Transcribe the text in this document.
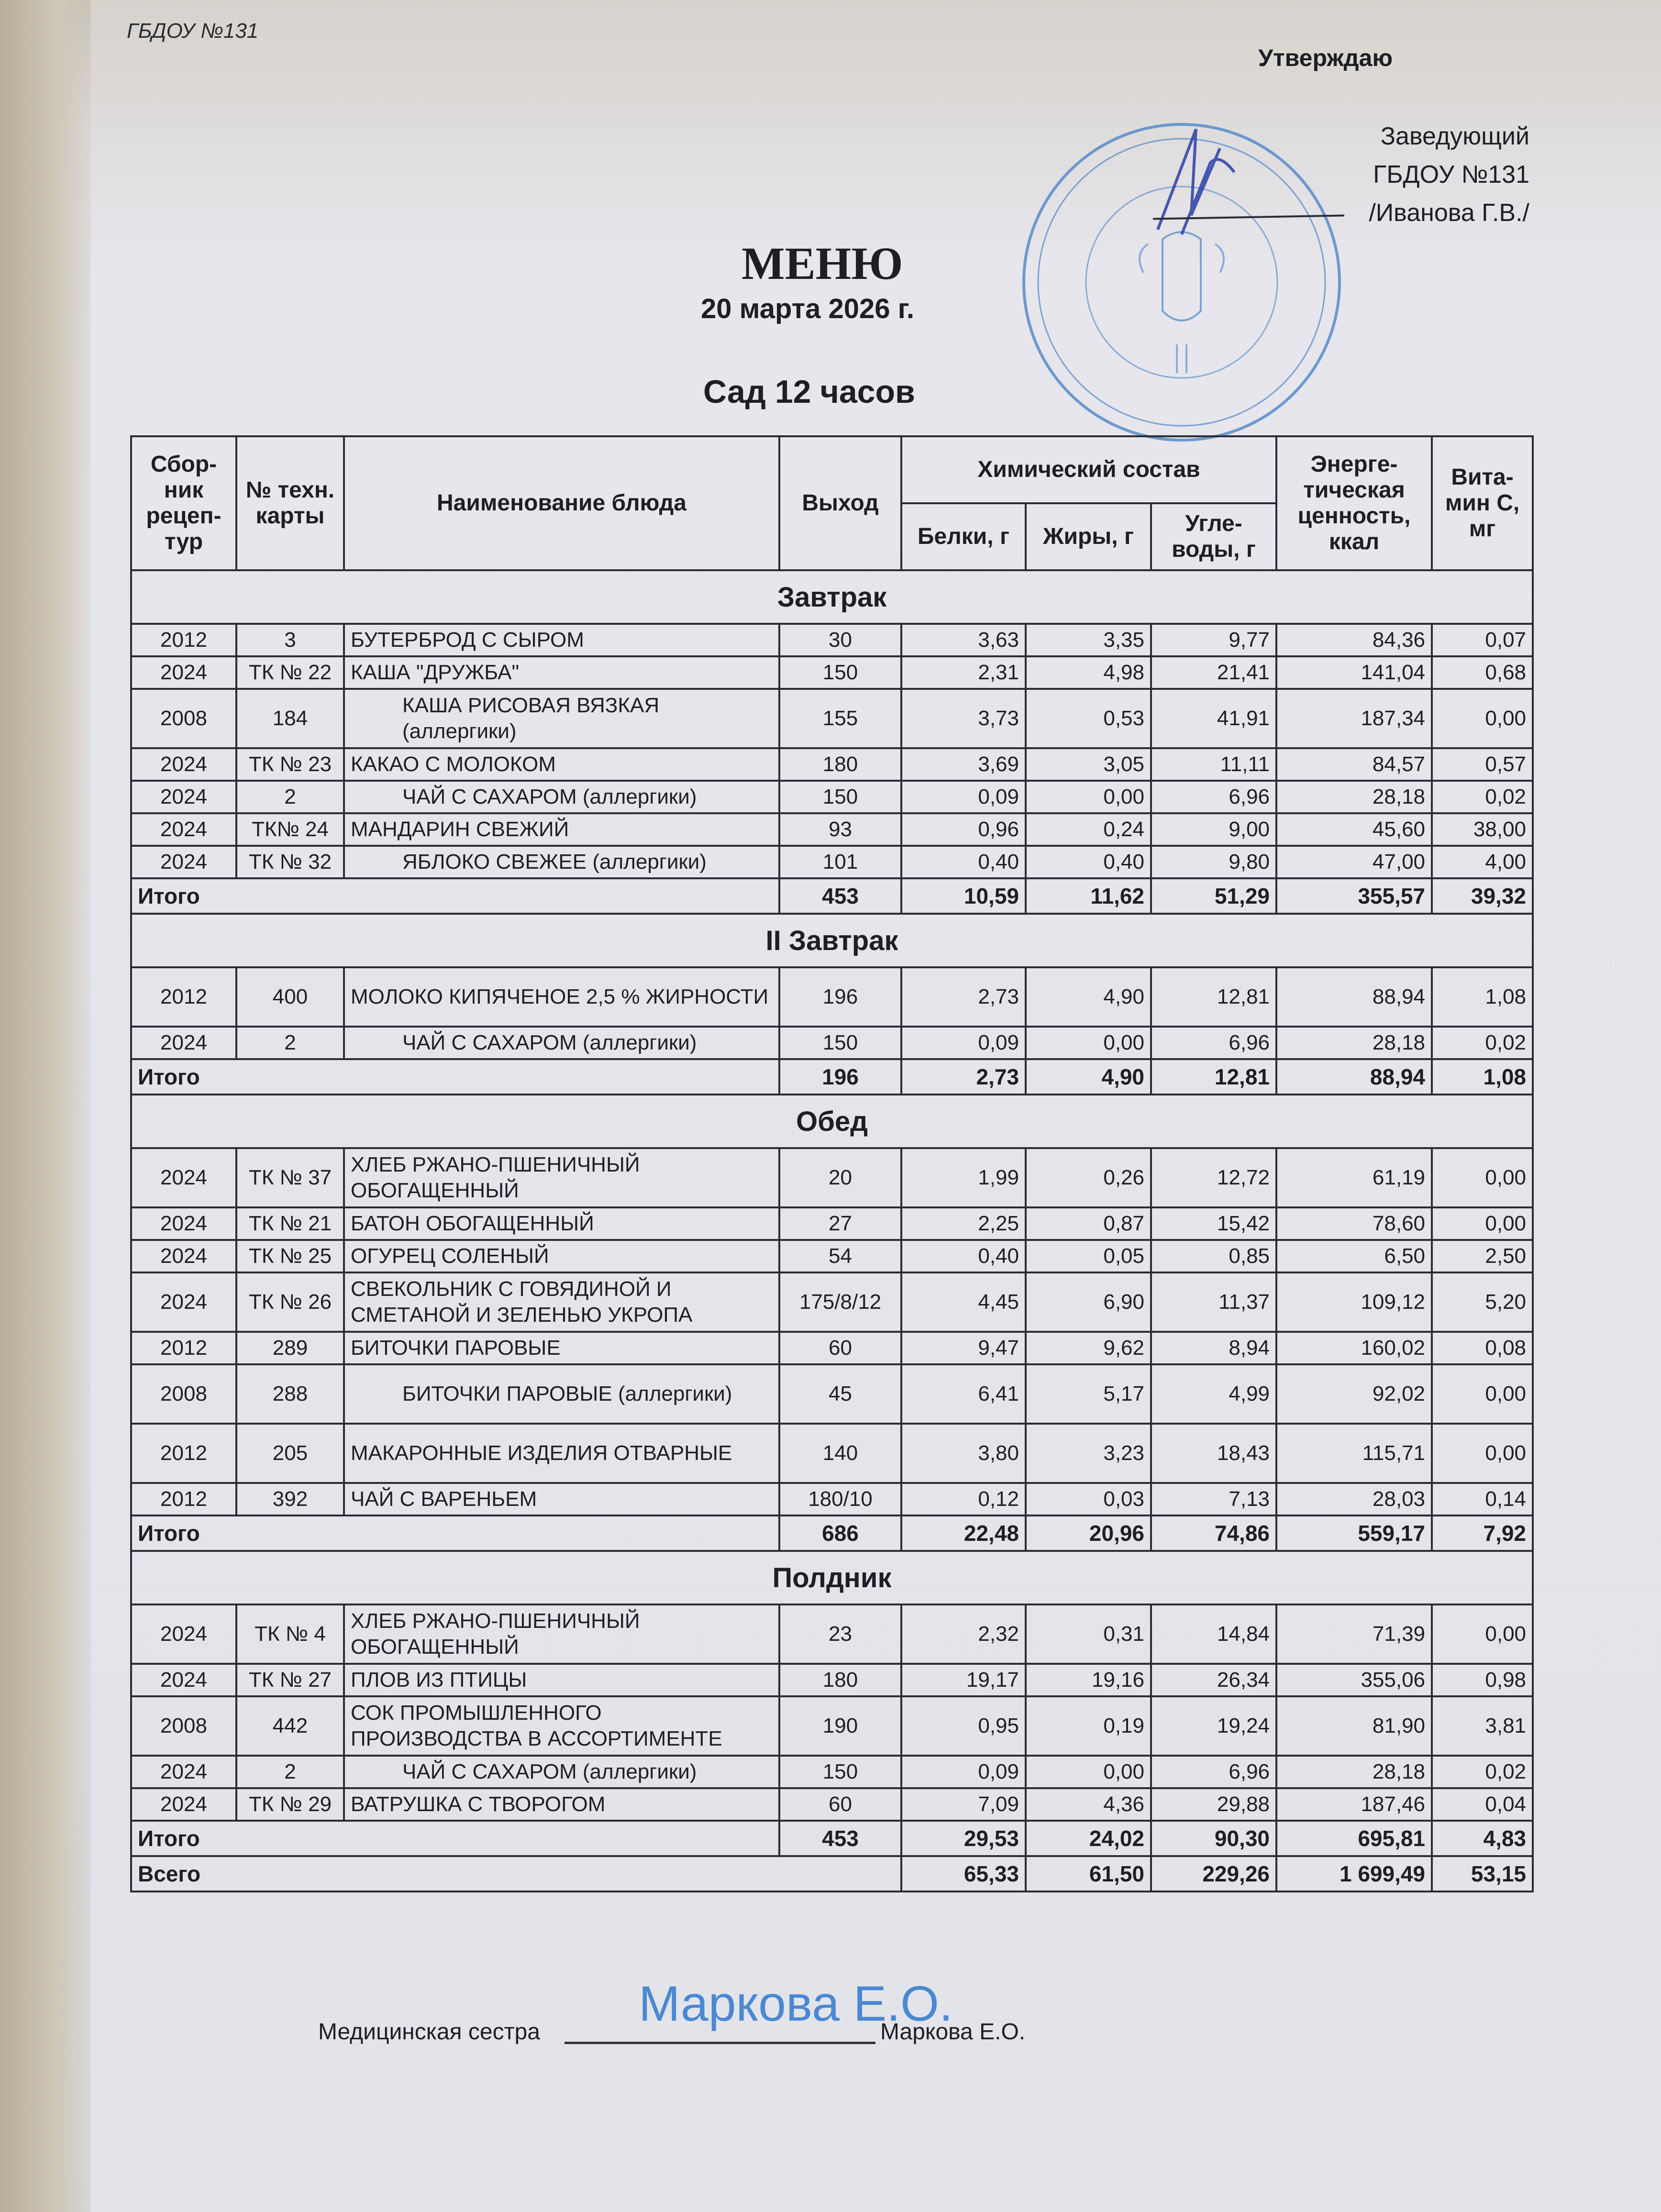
ГБДОУ №131
Утверждаю
Заведующий
ГБДОУ №131
/Иванова Г.В./
МЕНЮ
20 марта 2026 г.
Сад 12 часов
Сбор-ник рецеп-тур	№ техн. карты	Наименование блюда	Выход	Химический состав			Энерге-тическая ценность, ккал	Вита-мин С, мг
				Белки, г	Жиры, г	Угле-воды, г		
Завтрак								
2012	3	БУТЕРБРОД С СЫРОМ	30	3,63	3,35	9,77	84,36	0,07
2024	ТК № 22	КАША "ДРУЖБА"	150	2,31	4,98	21,41	141,04	0,68
2008	184	КАША РИСОВАЯ ВЯЗКАЯ (аллергики)	155	3,73	0,53	41,91	187,34	0,00
2024	ТК № 23	КАКАО С МОЛОКОМ	180	3,69	3,05	11,11	84,57	0,57
2024	2	ЧАЙ С САХАРОМ (аллергики)	150	0,09	0,00	6,96	28,18	0,02
2024	ТК№ 24	МАНДАРИН СВЕЖИЙ	93	0,96	0,24	9,00	45,60	38,00
2024	ТК № 32	ЯБЛОКО СВЕЖЕЕ (аллергики)	101	0,40	0,40	9,80	47,00	4,00
Итого			453	10,59	11,62	51,29	355,57	39,32
II Завтрак								
2012	400	МОЛОКО КИПЯЧЕНОЕ 2,5 % ЖИРНОСТИ	196	2,73	4,90	12,81	88,94	1,08
2024	2	ЧАЙ С САХАРОМ (аллергики)	150	0,09	0,00	6,96	28,18	0,02
Итого			196	2,73	4,90	12,81	88,94	1,08
Обед								
2024	ТК № 37	ХЛЕБ РЖАНО-ПШЕНИЧНЫЙ ОБОГАЩЕННЫЙ	20	1,99	0,26	12,72	61,19	0,00
2024	ТК № 21	БАТОН ОБОГАЩЕННЫЙ	27	2,25	0,87	15,42	78,60	0,00
2024	ТК № 25	ОГУРЕЦ СОЛЕНЫЙ	54	0,40	0,05	0,85	6,50	2,50
2024	ТК № 26	СВЕКОЛЬНИК С ГОВЯДИНОЙ И СМЕТАНОЙ И ЗЕЛЕНЬЮ УКРОПА	175/8/12	4,45	6,90	11,37	109,12	5,20
2012	289	БИТОЧКИ ПАРОВЫЕ	60	9,47	9,62	8,94	160,02	0,08
2008	288	БИТОЧКИ ПАРОВЫЕ (аллергики)	45	6,41	5,17	4,99	92,02	0,00
2012	205	МАКАРОННЫЕ ИЗДЕЛИЯ ОТВАРНЫЕ	140	3,80	3,23	18,43	115,71	0,00
2012	392	ЧАЙ С ВАРЕНЬЕМ	180/10	0,12	0,03	7,13	28,03	0,14
Итого			686	22,48	20,96	74,86	559,17	7,92
Полдник								
2024	ТК № 4	ХЛЕБ РЖАНО-ПШЕНИЧНЫЙ ОБОГАЩЕННЫЙ	23	2,32	0,31	14,84	71,39	0,00
2024	ТК № 27	ПЛОВ ИЗ ПТИЦЫ	180	19,17	19,16	26,34	355,06	0,98
2008	442	СОК ПРОМЫШЛЕННОГО ПРОИЗВОДСТВА В АССОРТИМЕНТЕ	190	0,95	0,19	19,24	81,90	3,81
2024	2	ЧАЙ С САХАРОМ (аллергики)	150	0,09	0,00	6,96	28,18	0,02
2024	ТК № 29	ВАТРУШКА С ТВОРОГОМ	60	7,09	4,36	29,88	187,46	0,04
Итого			453	29,53	24,02	90,30	695,81	4,83
Всего				65,33	61,50	229,26	1 699,49	53,15
Медицинская сестра
Маркова Е.О.
Маркова Е.О.
